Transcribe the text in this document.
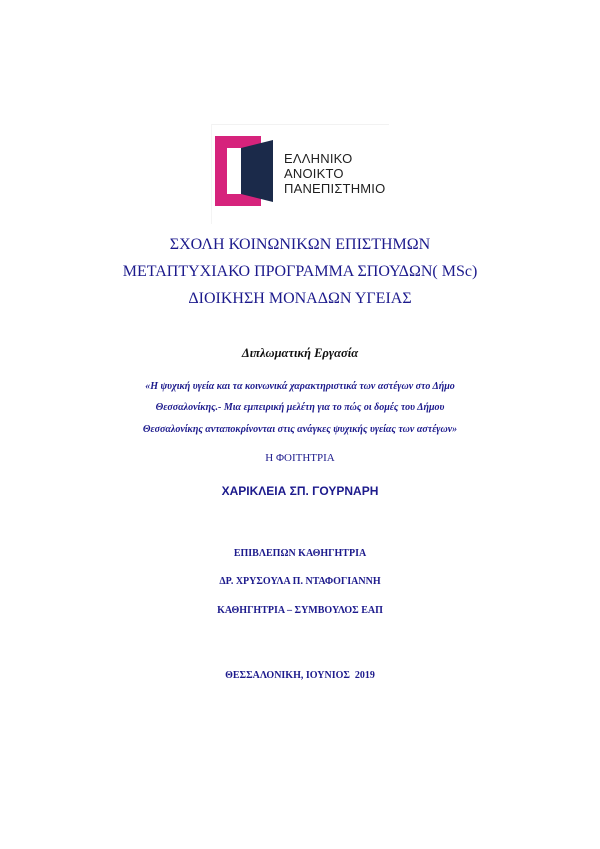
ΕΛΛΗΝΙΚΟ
ΑΝΟΙΚΤΟ
ΠΑΝΕΠΙΣΤΗΜΙΟ
ΣΧΟΛΗ ΚΟΙΝΩΝΙΚΩΝ ΕΠΙΣΤΗΜΩΝ
ΜΕΤΑΠΤΥΧΙΑΚΟ ΠΡΟΓΡΑΜΜΑ ΣΠΟΥΔΩΝ( MSc)
ΔΙΟΙΚΗΣΗ ΜΟΝΑΔΩΝ ΥΓΕΙΑΣ
Διπλωματική Εργασία
«Η ψυχική υγεία και τα κοινωνικά χαρακτηριστικά των αστέγων στο Δήμο
Θεσσαλονίκης.- Μια εμπειρική μελέτη για το πώς οι δομές του Δήμου
Θεσσαλονίκης ανταποκρίνονται στις ανάγκες ψυχικής υγείας των αστέγων»
Η ΦΟΙΤΗΤΡΙΑ
ΧΑΡΙΚΛΕΙΑ ΣΠ. ΓΟΥΡΝΑΡΗ
ΕΠΙΒΛΕΠΩΝ ΚΑΘΗΓΗΤΡΙΑ
ΔΡ. ΧΡΥΣΟΥΛΑ Π. ΝΤΑΦΟΓΙΑΝΝΗ
ΚΑΘΗΓΗΤΡΙΑ – ΣΥΜΒΟΥΛΟΣ ΕΑΠ
ΘΕΣΣΑΛΟΝΙΚΗ, ΙΟΥΝΙΟΣ  2019
